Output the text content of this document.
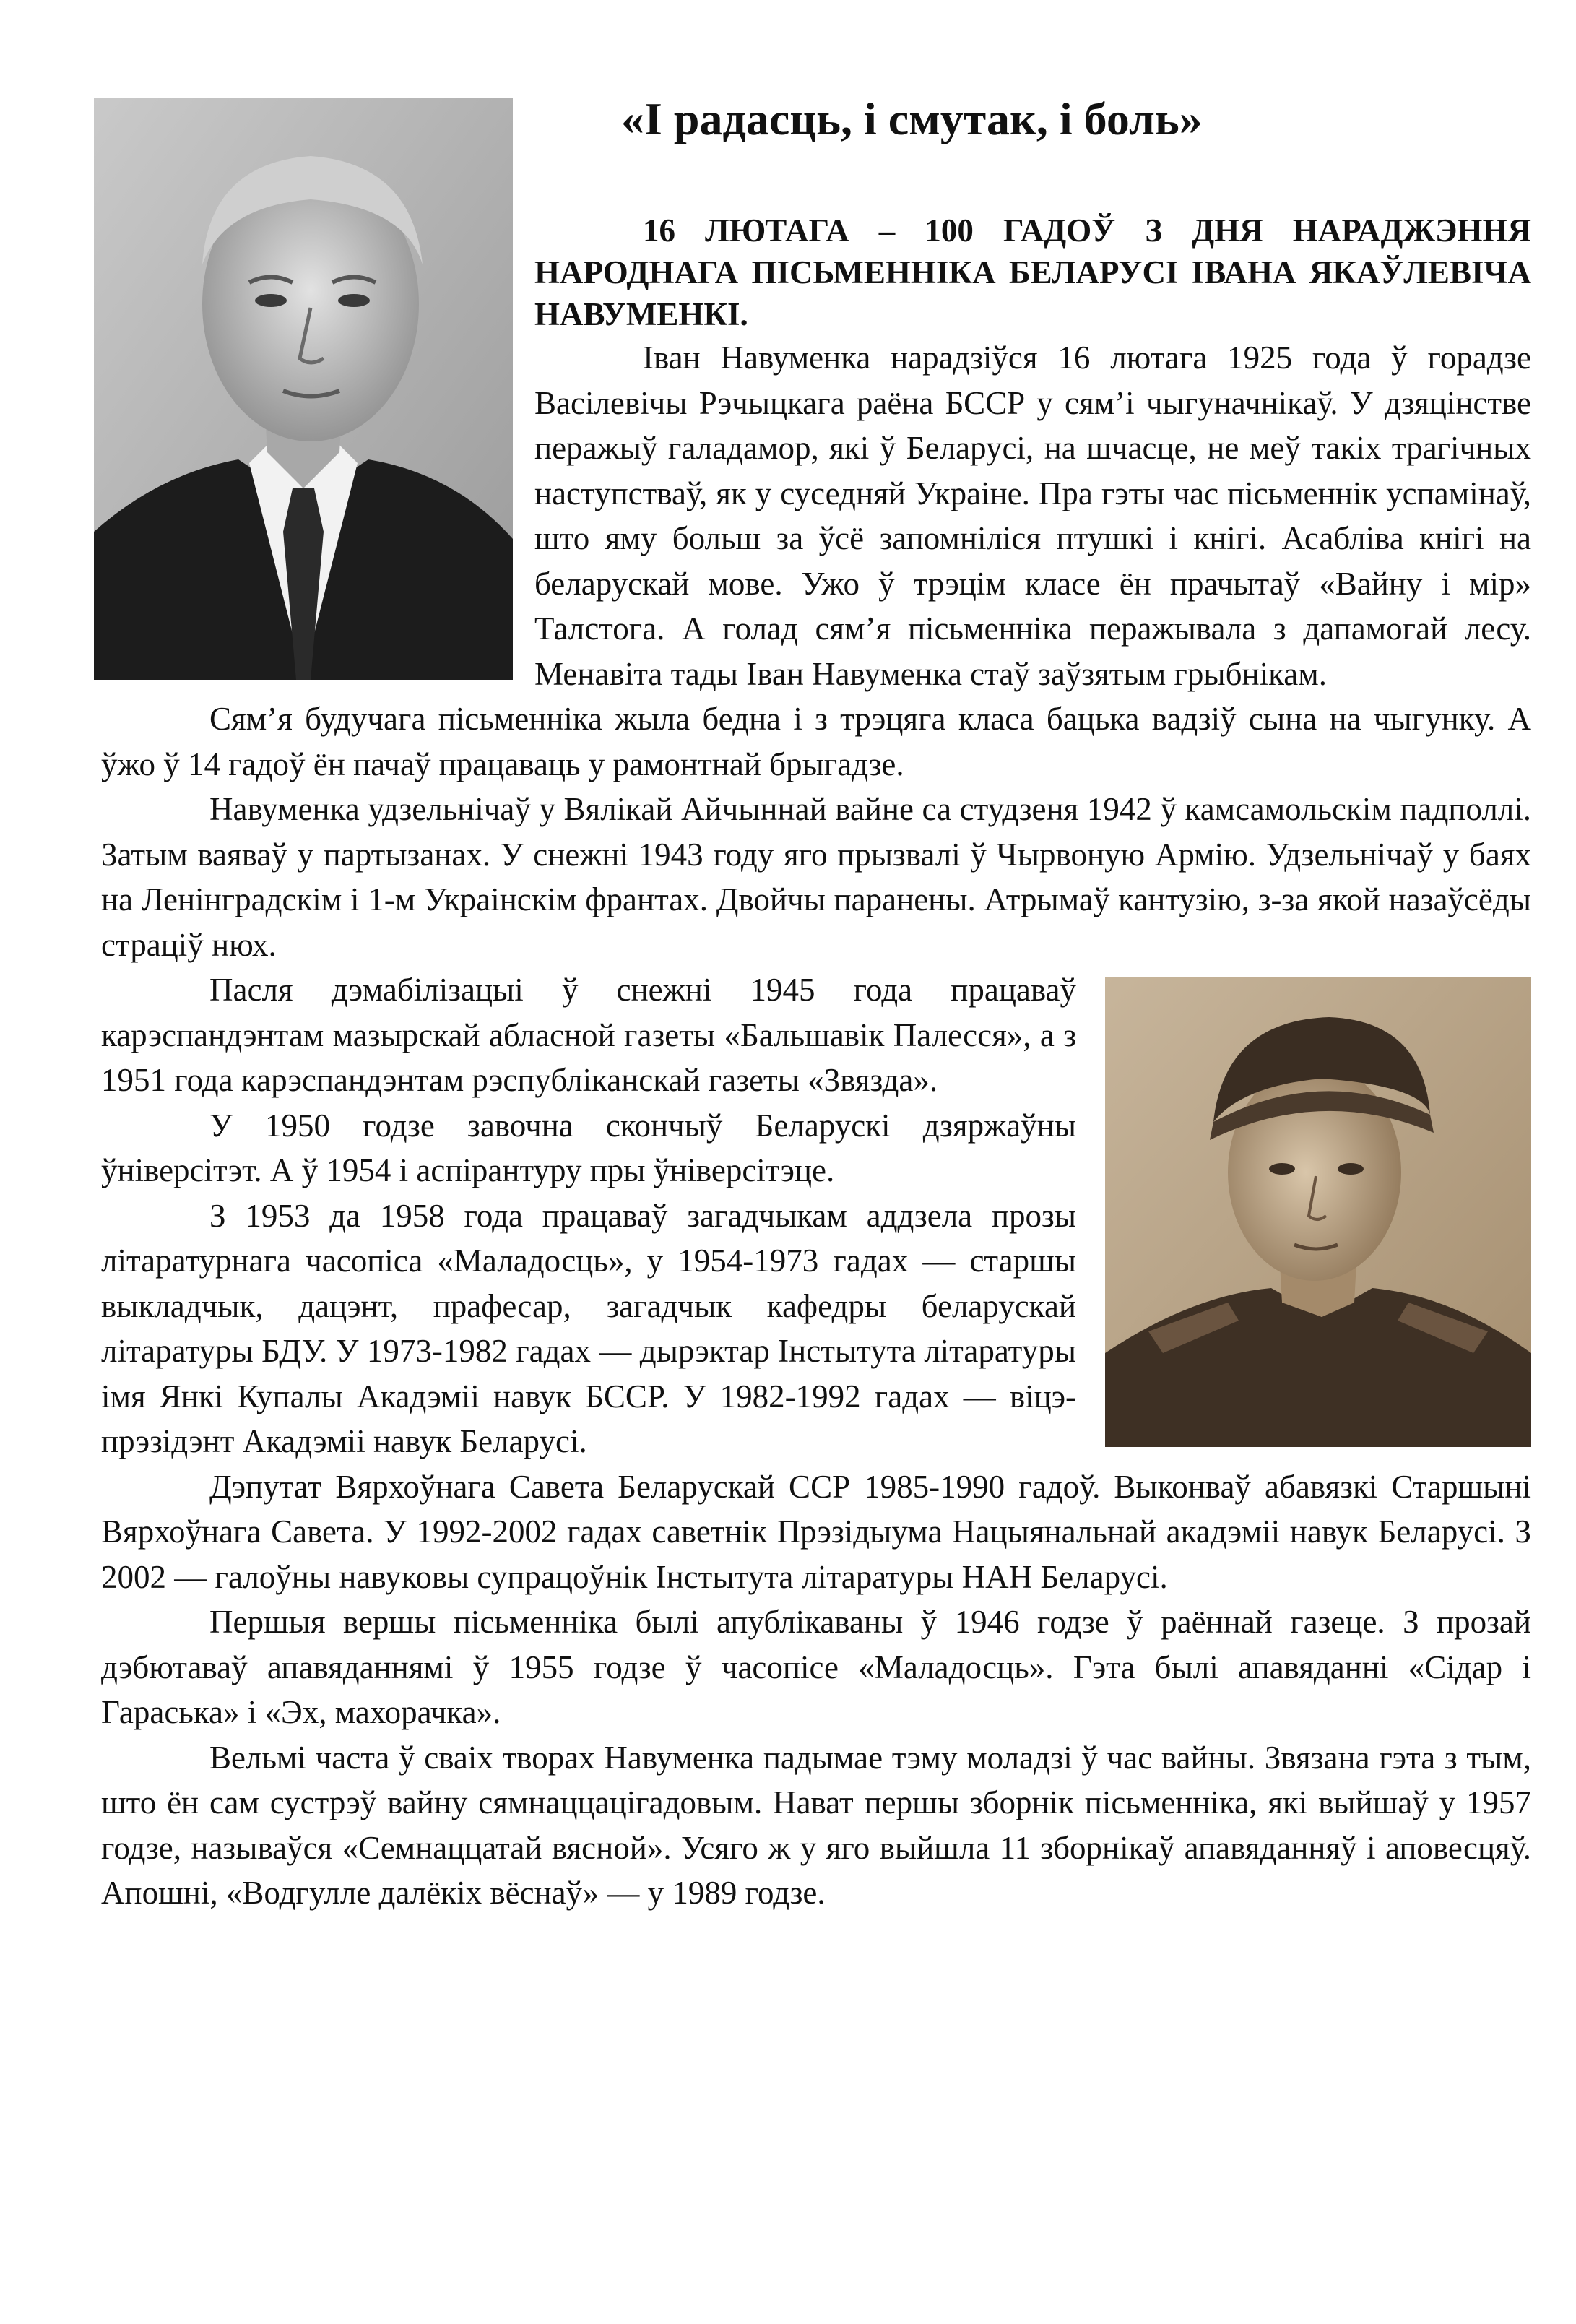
«І радасць, і смутак, і боль»

16 ЛЮТАГА – 100 ГАДОЎ З ДНЯ НАРАДЖЭННЯ НАРОДНАГА ПІСЬМЕННІКА БЕЛАРУСІ ІВАНА ЯКАЎЛЕВІЧА НАВУМЕНКІ.

Іван Навуменка нарадзіўся 16 лютага 1925 года ў горадзе Васілевічы Рэчыцкага раёна БССР у сям’і чыгуначнікаў. У дзяцінстве перажыў галадамор, які ў Беларусі, на шчасце, не меў такіх трагічных наступстваў, як у суседняй Украіне. Пра гэты час пісьменнік успамінаў, што яму больш за ўсё запомніліся птушкі і кнігі. Асабліва кнігі на беларускай мове. Ужо ў трэцім класе ён прачытаў «Вайну і мір» Талстога. А голад сям’я пісьменніка перажывала з дапамогай лесу. Менавіта тады Іван Навуменка стаў заўзятым грыбнікам.

Сям’я будучага пісьменніка жыла бедна і з трэцяга класа бацька вадзіў сына на чыгунку. А ўжо ў 14 гадоў ён пачаў працаваць у рамонтнай брыгадзе.

Навуменка удзельнічаў у Вялікай Айчыннай вайне са студзеня 1942 ў камсамольскім падполлі. Затым ваяваў у партызанах. У снежні 1943 году яго прызвалі ў Чырвоную Армію. Удзельнічаў у баях на Ленінградскім і 1-м Украінскім франтах. Двойчы паранены. Атрымаў кантузію, з-за якой назаўсёды страціў нюх.

Пасля дэмабілізацыі ў снежні 1945 года працаваў карэспандэнтам мазырскай абласной газеты «Бальшавік Палесся», а з 1951 года карэспандэнтам рэспубліканскай газеты «Звязда».

У 1950 годзе завочна скончыў Беларускі дзяржаўны ўніверсітэт. А ў 1954 і аспірантуру пры ўніверсітэце.

З 1953 да 1958 года працаваў загадчыкам аддзела прозы літаратурнага часопіса «Маладосць», у 1954-1973 гадах — старшы выкладчык, дацэнт, прафесар, загадчык кафедры беларускай літаратуры БДУ. У 1973-1982 гадах — дырэктар Інстытута літаратуры імя Янкі Купалы Акадэміі навук БССР. У 1982-1992 гадах — віцэ-прэзідэнт Акадэміі навук Беларусі.

Дэпутат Вярхоўнага Савета Беларускай ССР 1985-1990 гадоў. Выконваў абавязкі Старшыні Вярхоўнага Савета. У 1992-2002 гадах саветнік Прэзідыума Нацыянальнай акадэміі навук Беларусі. З 2002 — галоўны навуковы супрацоўнік Інстытута літаратуры НАН Беларусі.

Першыя вершы пісьменніка былі апублікаваны ў 1946 годзе ў раённай газеце. З прозай дэбютаваў апавяданнямі ў 1955 годзе ў часопісе «Маладосць». Гэта былі апавяданні «Сідар і Гараська» і «Эх, махорачка».

Вельмі часта ў сваіх творах Навуменка падымае тэму моладзі ў час вайны. Звязана гэта з тым, што ён сам сустрэў вайну сямнаццацігадовым. Нават першы зборнік пісьменніка, які выйшаў у 1957 годзе, называўся «Семнаццатай вясной». Усяго ж у яго выйшла 11 зборнікаў апавяданняў і аповесцяў. Апошні, «Водгулле далёкіх вёснаў» — у 1989 годзе.
